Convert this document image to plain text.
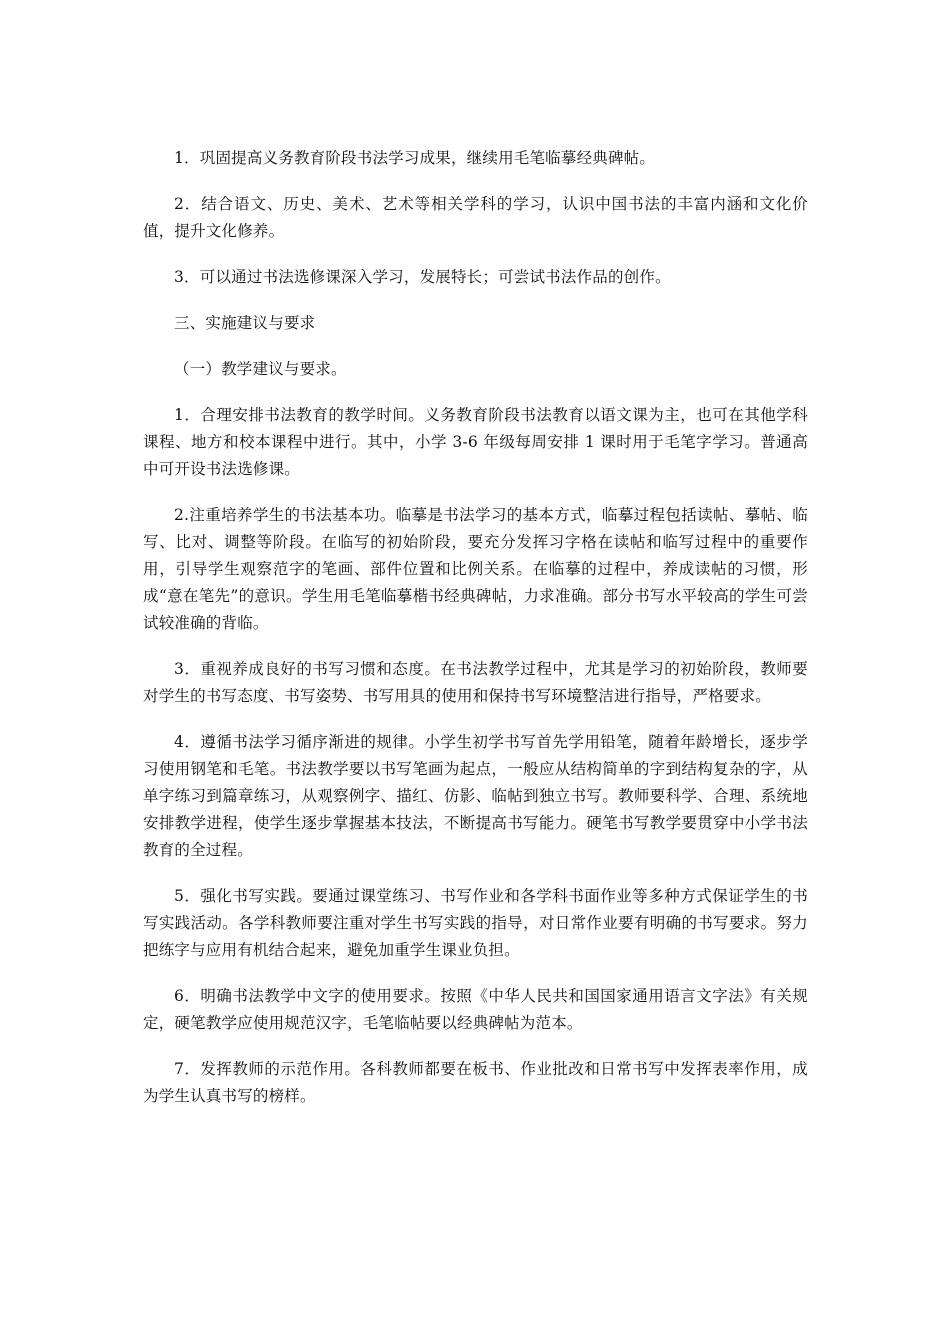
1．巩固提高义务教育阶段书法学习成果，继续用毛笔临摹经典碑帖。

2．结合语文、历史、美术、艺术等相关学科的学习，认识中国书法的丰富内涵和文化价值，提升文化修养。

3．可以通过书法选修课深入学习，发展特长；可尝试书法作品的创作。

三、实施建议与要求

（一）教学建议与要求。

1．合理安排书法教育的教学时间。义务教育阶段书法教育以语文课为主，也可在其他学科课程、地方和校本课程中进行。其中，小学 3-6 年级每周安排 1 课时用于毛笔字学习。普通高中可开设书法选修课。

2.注重培养学生的书法基本功。临摹是书法学习的基本方式，临摹过程包括读帖、摹帖、临写、比对、调整等阶段。在临写的初始阶段，要充分发挥习字格在读帖和临写过程中的重要作用，引导学生观察范字的笔画、部件位置和比例关系。在临摹的过程中，养成读帖的习惯，形成“意在笔先”的意识。学生用毛笔临摹楷书经典碑帖，力求准确。部分书写水平较高的学生可尝试较准确的背临。

3．重视养成良好的书写习惯和态度。在书法教学过程中，尤其是学习的初始阶段，教师要对学生的书写态度、书写姿势、书写用具的使用和保持书写环境整洁进行指导，严格要求。

4．遵循书法学习循序渐进的规律。小学生初学书写首先学用铅笔，随着年龄增长，逐步学习使用钢笔和毛笔。书法教学要以书写笔画为起点，一般应从结构简单的字到结构复杂的字，从单字练习到篇章练习，从观察例字、描红、仿影、临帖到独立书写。教师要科学、合理、系统地安排教学进程，使学生逐步掌握基本技法，不断提高书写能力。硬笔书写教学要贯穿中小学书法教育的全过程。

5．强化书写实践。要通过课堂练习、书写作业和各学科书面作业等多种方式保证学生的书写实践活动。各学科教师要注重对学生书写实践的指导，对日常作业要有明确的书写要求。努力把练字与应用有机结合起来，避免加重学生课业负担。

6．明确书法教学中文字的使用要求。按照《中华人民共和国国家通用语言文字法》有关规定，硬笔教学应使用规范汉字，毛笔临帖要以经典碑帖为范本。

7．发挥教师的示范作用。各科教师都要在板书、作业批改和日常书写中发挥表率作用，成为学生认真书写的榜样。
